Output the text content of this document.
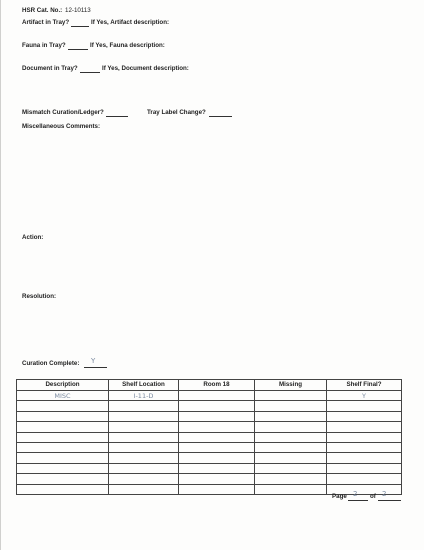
HSR Cat. No.: 12-10113
Artifact in Tray?	If Yes, Artifact description:
Fauna in Tray?	If Yes, Fauna description:
Document in Tray?	If Yes, Document description:
Mismatch Curation/Ledger?	Tray Label Change?
Miscellaneous Comments:
Action:
Resolution:
Curation Complete: Y
Description	Shelf Location	Room 18	Missing	Shelf Final?
MISC	I-11-D			Y

Page 2 of 2
